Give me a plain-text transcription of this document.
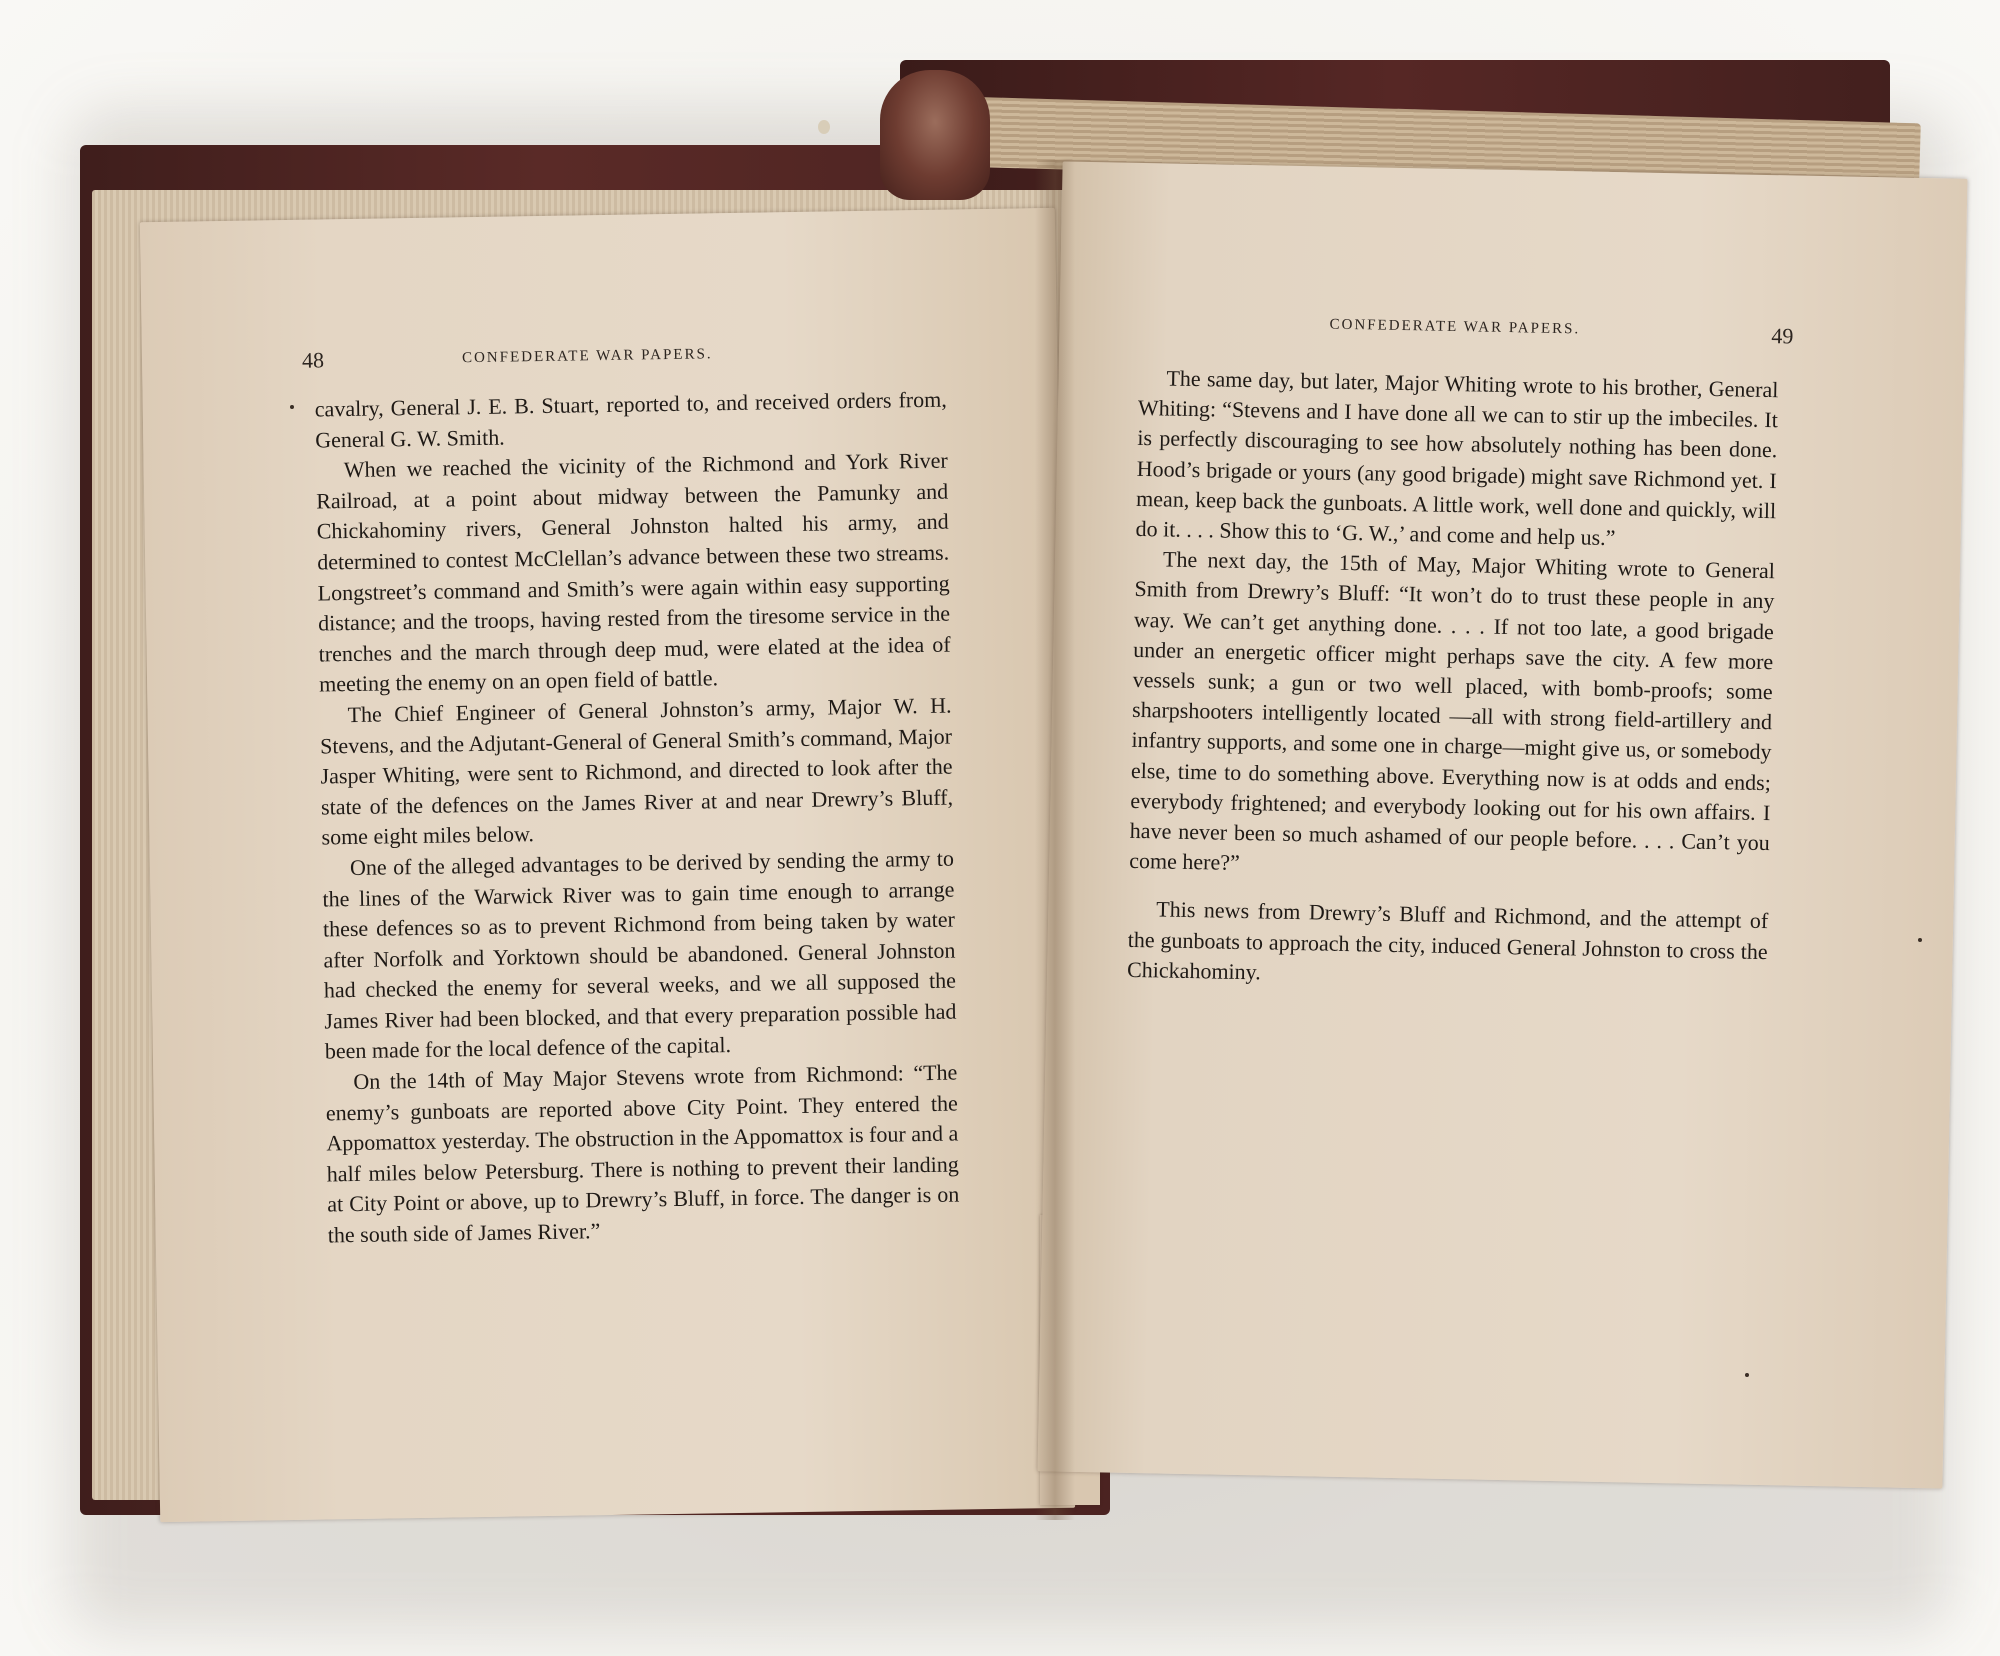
48	CONFEDERATE WAR PAPERS.

cavalry, General J. E. B. Stuart, reported to, and received orders from, General G. W. Smith.

When we reached the vicinity of the Richmond and York River Railroad, at a point about midway between the Pamunky and Chickahominy rivers, General Johnston halted his army, and determined to contest McClellan’s advance between these two streams. Longstreet’s command and Smith’s were again within easy supporting distance; and the troops, having rested from the tiresome service in the trenches and the march through deep mud, were elated at the idea of meeting the enemy on an open field of battle.

The Chief Engineer of General Johnston’s army, Major W. H. Stevens, and the Adjutant-General of General Smith’s command, Major Jasper Whiting, were sent to Richmond, and directed to look after the state of the defences on the James River at and near Drewry’s Bluff, some eight miles below.

One of the alleged advantages to be derived by sending the army to the lines of the Warwick River was to gain time enough to arrange these defences so as to prevent Richmond from being taken by water after Norfolk and Yorktown should be abandoned. General Johnston had checked the enemy for several weeks, and we all supposed the James River had been blocked, and that every preparation possible had been made for the local defence of the capital.

On the 14th of May Major Stevens wrote from Richmond: “The enemy’s gunboats are reported above City Point. They entered the Appomattox yesterday. The obstruction in the Appomattox is four and a half miles below Petersburg. There is nothing to prevent their landing at City Point or above, up to Drewry’s Bluff, in force. The danger is on the south side of James River.”

CONFEDERATE WAR PAPERS.	49

The same day, but later, Major Whiting wrote to his brother, General Whiting: “Stevens and I have done all we can to stir up the imbeciles. It is perfectly discouraging to see how absolutely nothing has been done. Hood’s brigade or yours (any good brigade) might save Richmond yet. I mean, keep back the gunboats. A little work, well done and quickly, will do it. . . . Show this to ‘G. W.,’ and come and help us.”

The next day, the 15th of May, Major Whiting wrote to General Smith from Drewry’s Bluff: “It won’t do to trust these people in any way. We can’t get anything done. . . . If not too late, a good brigade under an energetic officer might perhaps save the city. A few more vessels sunk; a gun or two well placed, with bomb-proofs; some sharpshooters intelligently located —all with strong field-artillery and infantry supports, and some one in charge—might give us, or somebody else, time to do something above. Everything now is at odds and ends; everybody frightened; and everybody looking out for his own affairs. I have never been so much ashamed of our people before. . . . Can’t you come here?”

This news from Drewry’s Bluff and Richmond, and the attempt of the gunboats to approach the city, induced General Johnston to cross the Chickahominy.
